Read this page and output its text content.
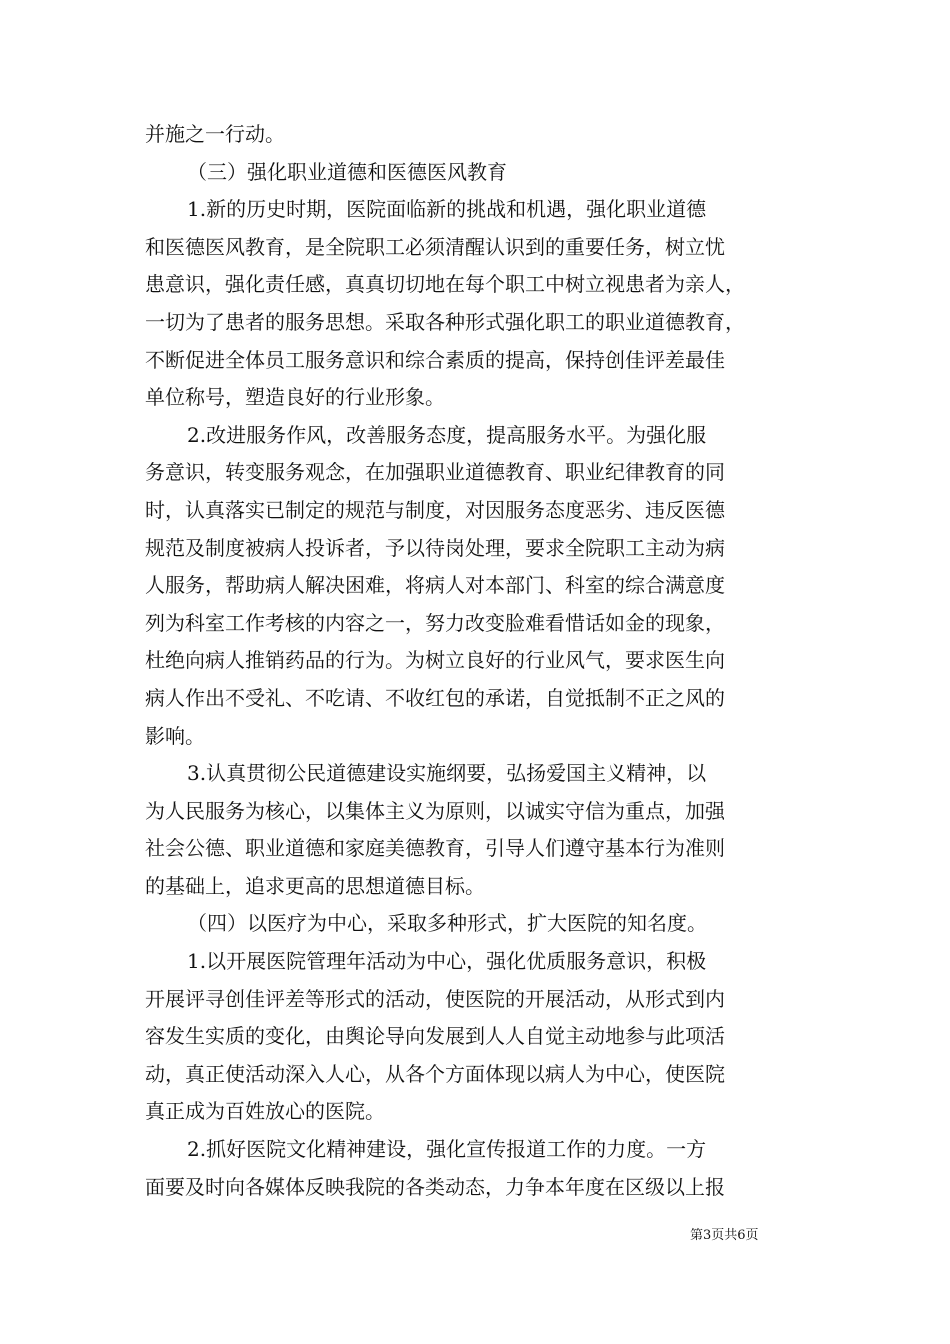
并施之一行动。
（三）强化职业道德和医德医风教育
1.新的历史时期，医院面临新的挑战和机遇，强化职业道德
和医德医风教育，是全院职工必须清醒认识到的重要任务，树立忧
患意识，强化责任感，真真切切地在每个职工中树立视患者为亲人，
一切为了患者的服务思想。采取各种形式强化职工的职业道德教育，
不断促进全体员工服务意识和综合素质的提高，保持创佳评差最佳
单位称号，塑造良好的行业形象。
2.改进服务作风，改善服务态度，提高服务水平。为强化服
务意识，转变服务观念，在加强职业道德教育、职业纪律教育的同
时，认真落实已制定的规范与制度，对因服务态度恶劣、违反医德
规范及制度被病人投诉者，予以待岗处理，要求全院职工主动为病
人服务，帮助病人解决困难，将病人对本部门、科室的综合满意度
列为科室工作考核的内容之一，努力改变脸难看惜话如金的现象，
杜绝向病人推销药品的行为。为树立良好的行业风气，要求医生向
病人作出不受礼、不吃请、不收红包的承诺，自觉抵制不正之风的
影响。
3.认真贯彻公民道德建设实施纲要，弘扬爱国主义精神，以
为人民服务为核心，以集体主义为原则，以诚实守信为重点，加强
社会公德、职业道德和家庭美德教育，引导人们遵守基本行为准则
的基础上，追求更高的思想道德目标。
（四）以医疗为中心，采取多种形式，扩大医院的知名度。
1.以开展医院管理年活动为中心，强化优质服务意识，积极
开展评寻创佳评差等形式的活动，使医院的开展活动，从形式到内
容发生实质的变化，由舆论导向发展到人人自觉主动地参与此项活
动，真正使活动深入人心，从各个方面体现以病人为中心，使医院
真正成为百姓放心的医院。
2.抓好医院文化精神建设，强化宣传报道工作的力度。一方
面要及时向各媒体反映我院的各类动态，力争本年度在区级以上报
第3页共6页
